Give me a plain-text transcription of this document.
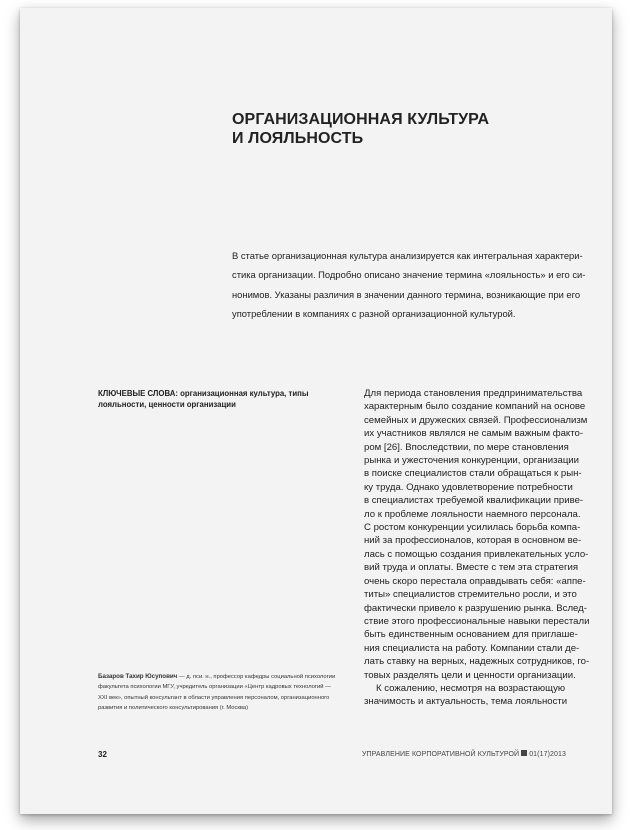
ОРГАНИЗАЦИОННАЯ КУЛЬТУРА
И ЛОЯЛЬНОСТЬ
В статье организационная культура анализируется как интегральная характери-
стика организации. Подробно описано значение термина «лояльность» и его си-
нонимов. Указаны различия в значении данного термина, возникающие при его
употреблении в компаниях с разной организационной культурой.
КЛЮЧЕВЫЕ СЛОВА: организационная культура, типы
лояльности, ценности организации
Для периода становления предпринимательства
характерным было создание компаний на основе
семейных и дружеских связей. Профессионализм
их участников являлся не самым важным факто-
ром [26]. Впоследствии, по мере становления
рынка и ужесточения конкуренции, организации
в поиске специалистов стали обращаться к рын-
ку труда. Однако удовлетворение потребности
в специалистах требуемой квалификации приве-
ло к проблеме лояльности наемного персонала.
С ростом конкуренции усилилась борьба компа-
ний за профессионалов, которая в основном ве-
лась с помощью создания привлекательных усло-
вий труда и оплаты. Вместе с тем эта стратегия
очень скоро перестала оправдывать себя: «аппе-
титы» специалистов стремительно росли, и это
фактически привело к разрушению рынка. Вслед-
ствие этого профессиональные навыки перестали
быть единственным основанием для приглаше-
ния специалиста на работу. Компании стали де-
лать ставку на верных, надежных сотрудников, го-
товых разделять цели и ценности организации.
К сожалению, несмотря на возрастающую
значимость и актуальность, тема лояльности
Базаров Тахир Юсупович — д. пси. н., профессор кафедры социальной психологии
факультета психологии МГУ, учредитель организации «Центр кадровых технологий —
XXI век», опытный консультант в области управления персоналом, организационного
развития и политического консультирования (г. Москва)
32	УПРАВЛЕНИЕ КОРПОРАТИВНОЙ КУЛЬТУРОЙ 01(17)2013
